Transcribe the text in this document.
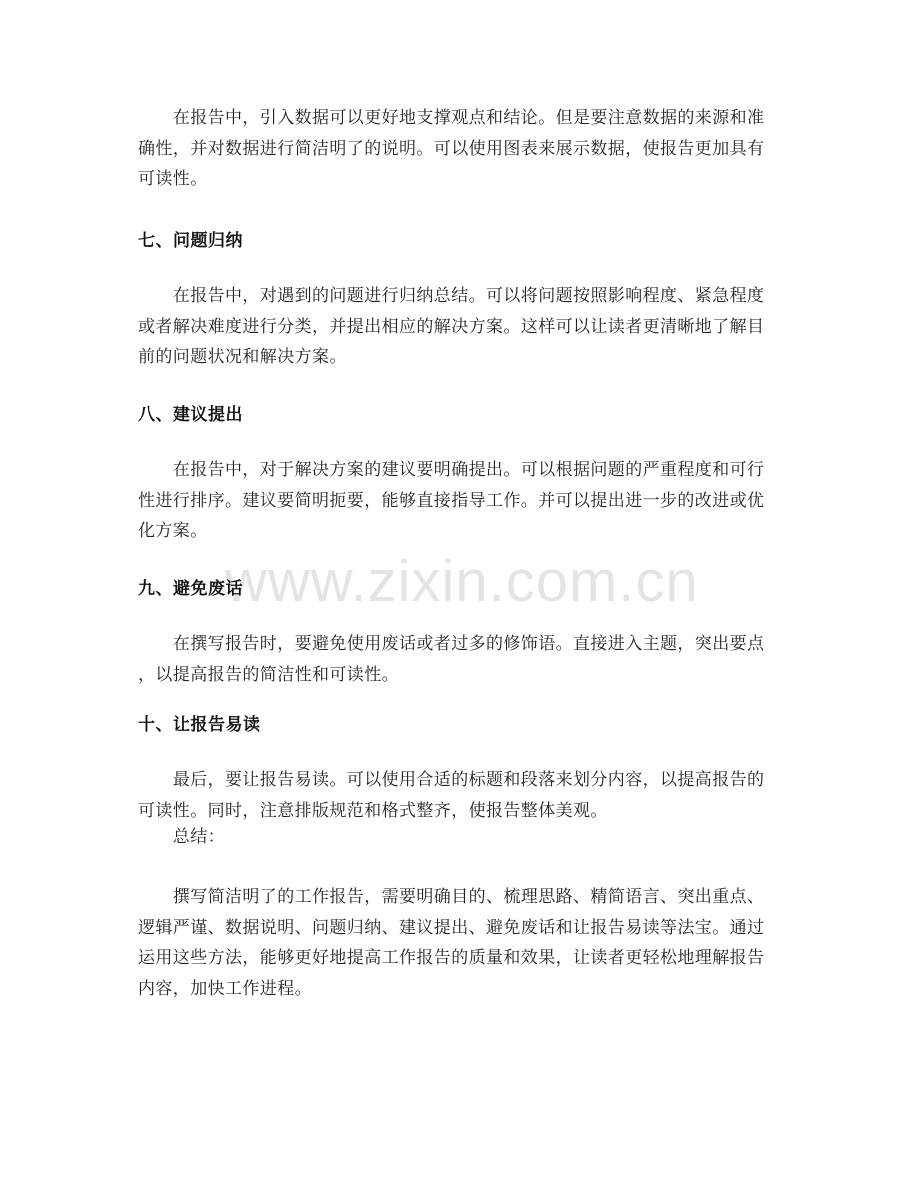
www.zixin.com.cn
　　在报告中，引入数据可以更好地支撑观点和结论。但是要注意数据的来源和准
确性，并对数据进行简洁明了的说明。可以使用图表来展示数据，使报告更加具有
可读性。
七、问题归纳
　　在报告中，对遇到的问题进行归纳总结。可以将问题按照影响程度、紧急程度
或者解决难度进行分类，并提出相应的解决方案。这样可以让读者更清晰地了解目
前的问题状况和解决方案。
八、建议提出
　　在报告中，对于解决方案的建议要明确提出。可以根据问题的严重程度和可行
性进行排序。建议要简明扼要，能够直接指导工作。并可以提出进一步的改进或优
化方案。
九、避免废话
　　在撰写报告时，要避免使用废话或者过多的修饰语。直接进入主题，突出要点
，以提高报告的简洁性和可读性。
十、让报告易读
　　最后，要让报告易读。可以使用合适的标题和段落来划分内容，以提高报告的
可读性。同时，注意排版规范和格式整齐，使报告整体美观。
　　总结：
　　撰写简洁明了的工作报告，需要明确目的、梳理思路、精简语言、突出重点、
逻辑严谨、数据说明、问题归纳、建议提出、避免废话和让报告易读等法宝。通过
运用这些方法，能够更好地提高工作报告的质量和效果，让读者更轻松地理解报告
内容，加快工作进程。
